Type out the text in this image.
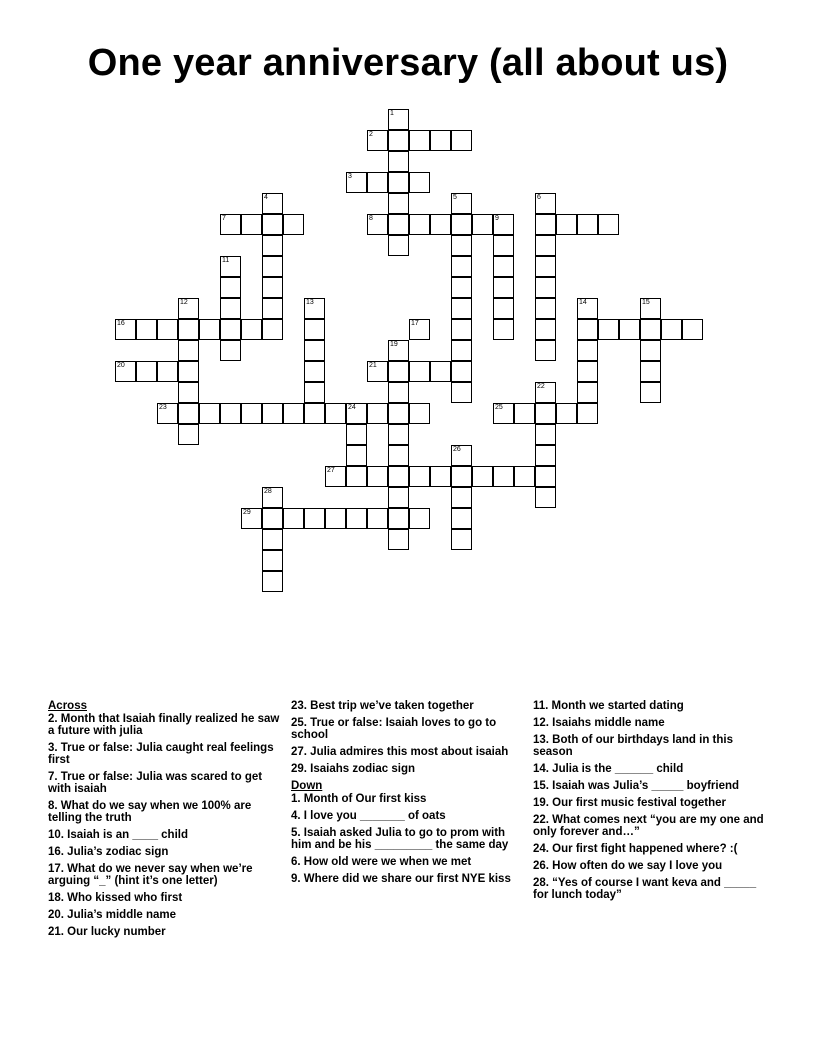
One year anniversary (all about us)
1
2
3
4	5	6
7	8	9
11
12	13	14	15
16	17
19
20	21
22
23	24	25
26
27
28
29
Across
2. Month that Isaiah finally realized he saw a future with julia
3. True or false: Julia caught real feelings first
7. True or false: Julia was scared to get with isaiah
8. What do we say when we 100% are telling the truth
10. Isaiah is an ____ child
16. Julia’s zodiac sign
17. What do we never say when we’re arguing “_” (hint it’s one letter)
18. Who kissed who first
20. Julia’s middle name
21. Our lucky number
23. Best trip we’ve taken together
25. True or false: Isaiah loves to go to school
27. Julia admires this most about isaiah
29. Isaiahs zodiac sign
Down
1. Month of Our first kiss
4. I love you _______ of oats
5. Isaiah asked Julia to go to prom with him and be his _________ the same day
6. How old were we when we met
9. Where did we share our first NYE kiss
11. Month we started dating
12. Isaiahs middle name
13. Both of our birthdays land in this season
14. Julia is the ______ child
15. Isaiah was Julia’s _____ boyfriend
19. Our first music festival together
22. What comes next “you are my one and only forever and…”
24. Our first fight happened where? :(
26. How often do we say I love you
28. “Yes of course I want keva and _____ for lunch today”
